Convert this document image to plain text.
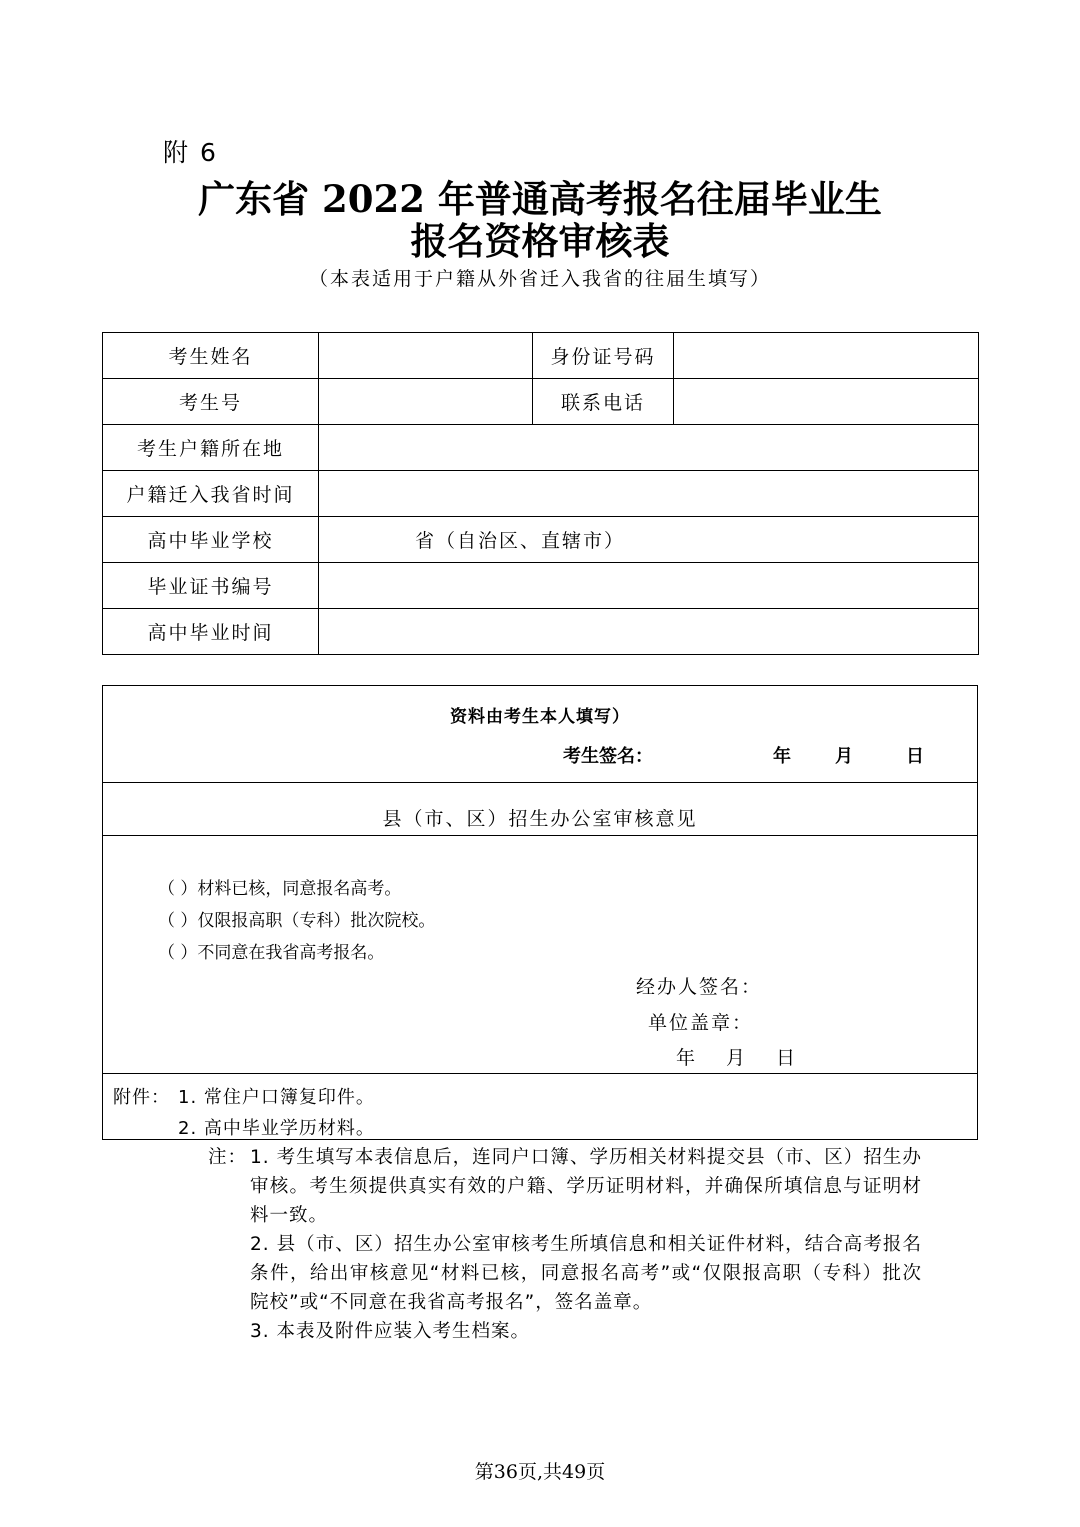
附 6
广东省 2022 年普通高考报名往届毕业生
报名资格审核表
（本表适用于户籍从外省迁入我省的往届生填写）
考生姓名		身份证号码	
考生号		联系电话	
考生户籍所在地			
户籍迁入我省时间			
高中毕业学校	省（自治区、直辖市）		
毕业证书编号			
高中毕业时间			
资料由考生本人填写）
考生签名：	年 月	日
县（市、区）招生办公室审核意见
（ ）材料已核，同意报名高考。
（ ）仅限报高职（专科）批次院校。
（ ）不同意在我省高考报名。
经办人签名：
单位盖章：
年 月 日
附件： 1. 常住户口簿复印件。
2. 高中毕业学历材料。
注： 1. 考生填写本表信息后，连同户口簿、学历相关材料提交县（市、区）招生办审核。考生须提供真实有效的户籍、学历证明材料，并确保所填信息与证明材料一致。
2. 县（市、区）招生办公室审核考生所填信息和相关证件材料，结合高考报名条件，给出审核意见“材料已核，同意报名高考”或“仅限报高职（专科）批次院校”或“不同意在我省高考报名”，签名盖章。
3. 本表及附件应装入考生档案。
第36页,共49页
